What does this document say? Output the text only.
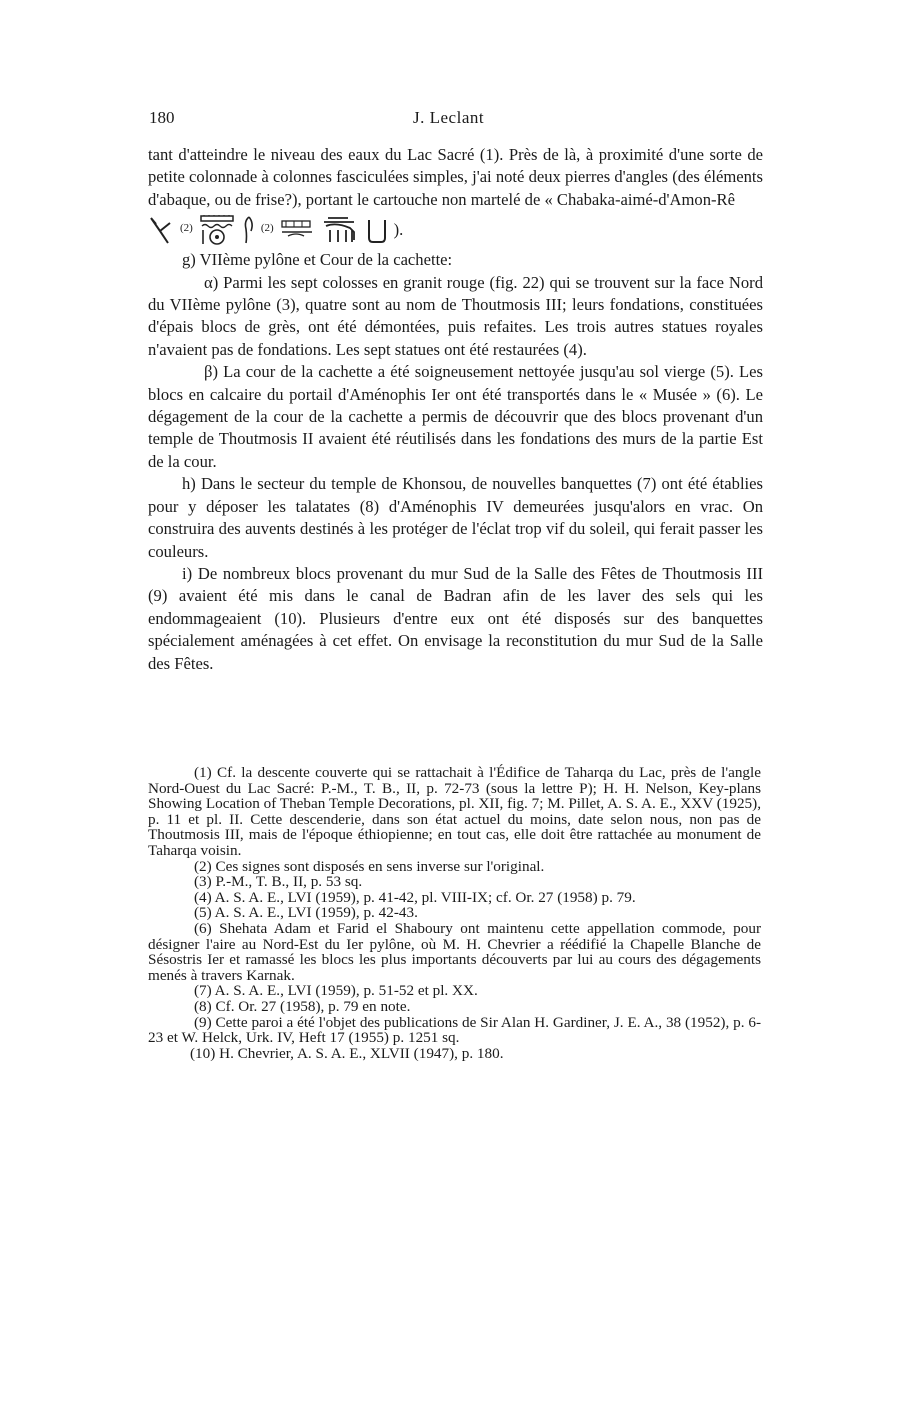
180	J. Leclant

tant d'atteindre le niveau des eaux du Lac Sacré (1). Près de là, à proximité d'une sorte de petite colonnade à colonnes fasciculées simples, j'ai noté deux pierres d'angles (des éléments d'abaque, ou de frise?), portant le cartouche non martelé de « Chabaka-aimé-d'Amon-Rê

(2)	(2)	).

g) VIIème pylône et Cour de la cachette:

α) Parmi les sept colosses en granit rouge (fig. 22) qui se trouvent sur la face Nord du VIIème pylône (3), quatre sont au nom de Thoutmosis III; leurs fondations, constituées d'épais blocs de grès, ont été démontées, puis refaites. Les trois autres statues royales n'avaient pas de fondations. Les sept statues ont été restaurées (4).

β) La cour de la cachette a été soigneusement nettoyée jusqu'au sol vierge (5). Les blocs en calcaire du portail d'Aménophis Ier ont été transportés dans le « Musée » (6). Le dégagement de la cour de la cachette a permis de découvrir que des blocs provenant d'un temple de Thoutmosis II avaient été réutilisés dans les fondations des murs de la partie Est de la cour.

h) Dans le secteur du temple de Khonsou, de nouvelles banquettes (7) ont été établies pour y déposer les talatates (8) d'Aménophis IV demeurées jusqu'alors en vrac. On construira des auvents destinés à les protéger de l'éclat trop vif du soleil, qui ferait passer les couleurs.

i) De nombreux blocs provenant du mur Sud de la Salle des Fêtes de Thoutmosis III (9) avaient été mis dans le canal de Badran afin de les laver des sels qui les endommageaient (10). Plusieurs d'entre eux ont été disposés sur des banquettes spécialement aménagées à cet effet. On envisage la reconstitution du mur Sud de la Salle des Fêtes.

(1) Cf. la descente couverte qui se rattachait à l'Édifice de Taharqa du Lac, près de l'angle Nord-Ouest du Lac Sacré: P.-M., T. B., II, p. 72-73 (sous la lettre P); H. H. Nelson, Key-plans Showing Location of Theban Temple Decorations, pl. XII, fig. 7; M. Pillet, A. S. A. E., XXV (1925), p. 11 et pl. II. Cette descenderie, dans son état actuel du moins, date selon nous, non pas de Thoutmosis III, mais de l'époque éthiopienne; en tout cas, elle doit être rattachée au monument de Taharqa voisin.

(2) Ces signes sont disposés en sens inverse sur l'original.

(3) P.-M., T. B., II, p. 53 sq.

(4) A. S. A. E., LVI (1959), p. 41-42, pl. VIII-IX; cf. Or. 27 (1958) p. 79.

(5) A. S. A. E., LVI (1959), p. 42-43.

(6) Shehata Adam et Farid el Shaboury ont maintenu cette appellation commode, pour désigner l'aire au Nord-Est du Ier pylône, où M. H. Chevrier a réédifié la Chapelle Blanche de Sésostris Ier et ramassé les blocs les plus importants découverts par lui au cours des dégagements menés à travers Karnak.

(7) A. S. A. E., LVI (1959), p. 51-52 et pl. XX.

(8) Cf. Or. 27 (1958), p. 79 en note.

(9) Cette paroi a été l'objet des publications de Sir Alan H. Gardiner, J. E. A., 38 (1952), p. 6-23 et W. Helck, Urk. IV, Heft 17 (1955) p. 1251 sq.

(10) H. Chevrier, A. S. A. E., XLVII (1947), p. 180.
